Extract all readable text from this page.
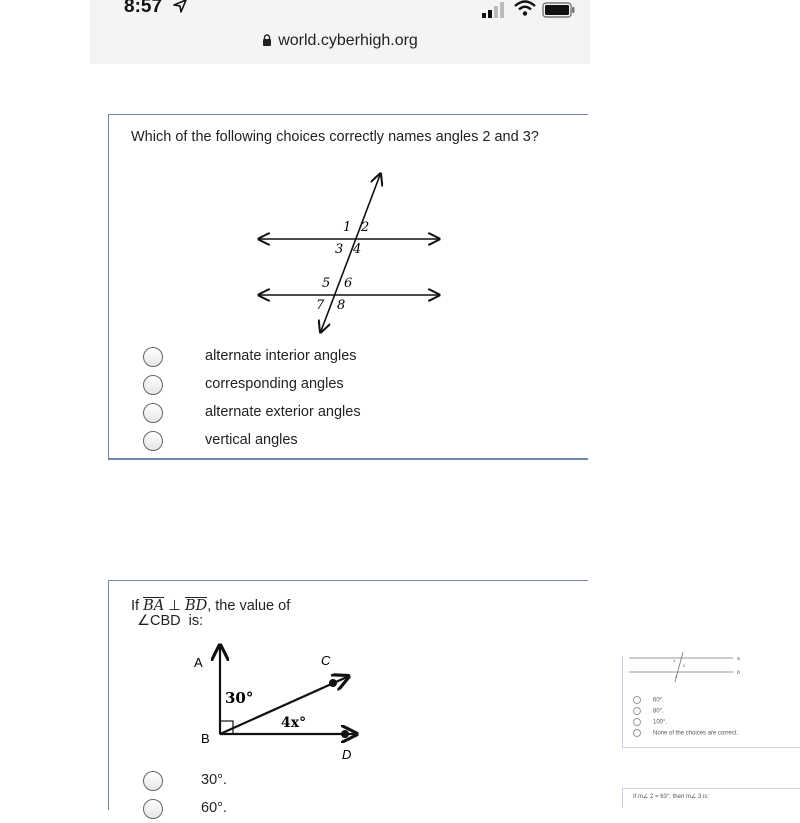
8:57
world.cyberhigh.org
Which of the following choices correctly names angles 2 and 3?
1 2
3 4
5 6
7 8
alternate interior angles
corresponding angles
alternate exterior angles
vertical angles
If BA ⊥ BD, the value of
∠CBD is:
A
B
C
D
30°
4x°
30°.
60°.
a
b
1
2
3
60°.
80°.
100°.
None of the choices are correct.
If m∠ 2 = 63°, then m∠ 3 is:
